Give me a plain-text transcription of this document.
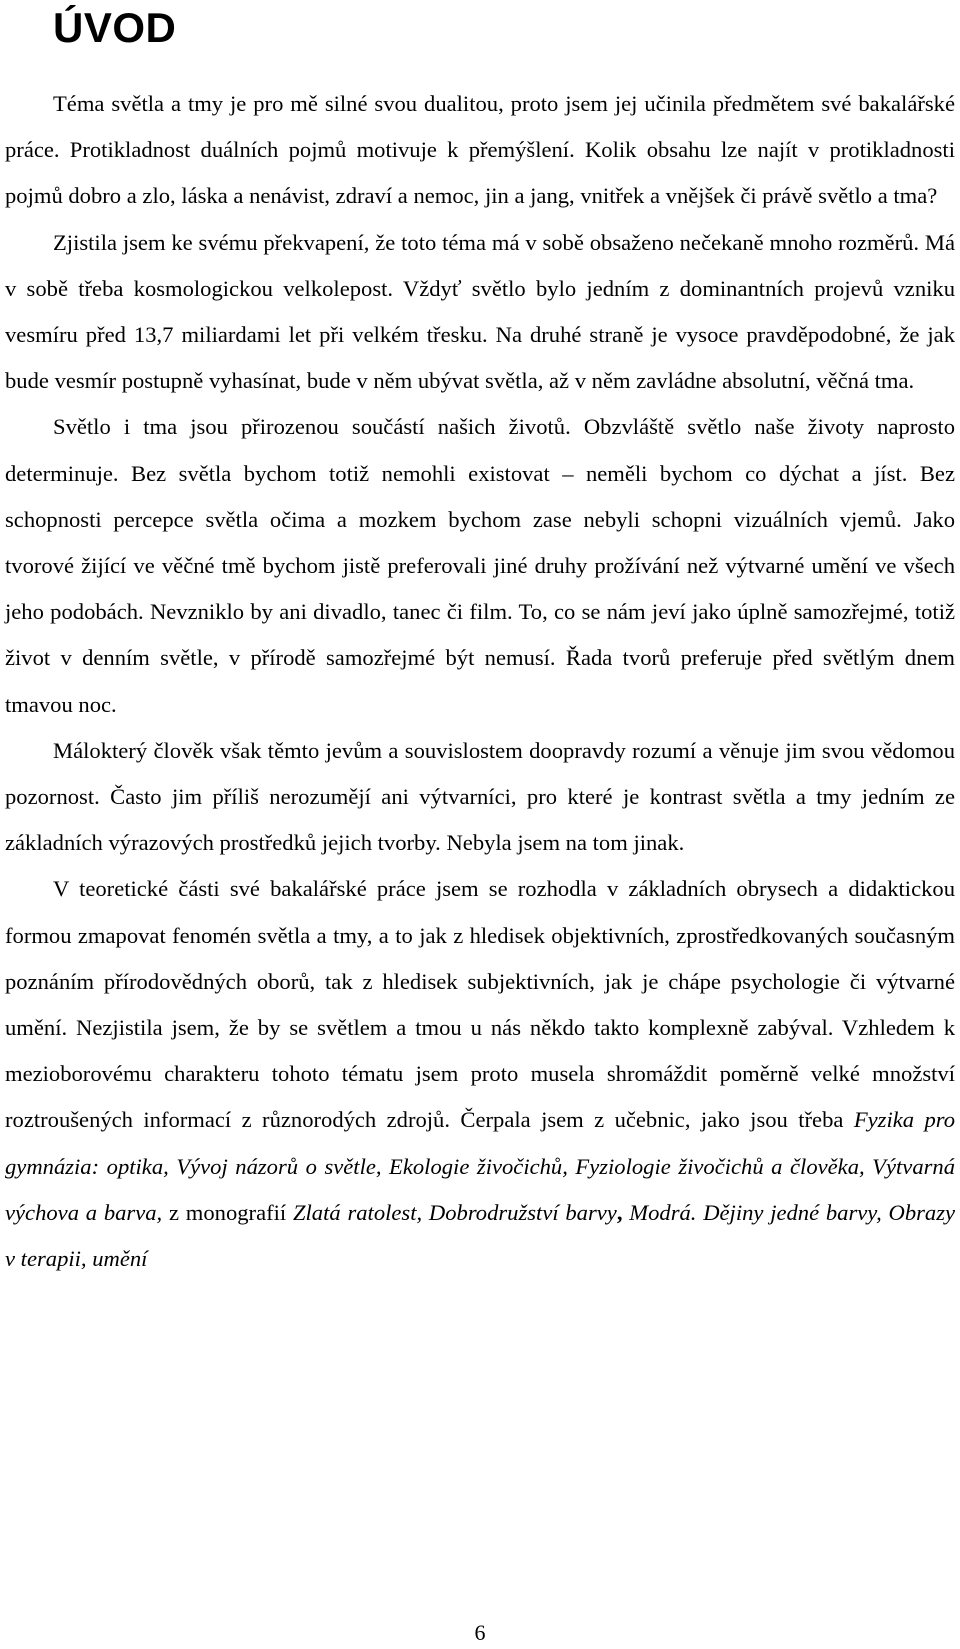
ÚVOD

Téma světla a tmy je pro mě silné svou dualitou, proto jsem jej učinila předmětem své bakalářské práce. Protikladnost duálních pojmů motivuje k přemýšlení. Kolik obsahu lze najít v protikladnosti pojmů dobro a zlo, láska a nenávist, zdraví a nemoc, jin a jang, vnitřek a vnějšek či právě světlo a tma?

Zjistila jsem ke svému překvapení, že toto téma má v sobě obsaženo nečekaně mnoho rozměrů. Má v sobě třeba kosmologickou velkolepost. Vždyť světlo bylo jedním z dominantních projevů vzniku vesmíru před 13,7 miliardami let při velkém třesku. Na druhé straně je vysoce pravděpodobné, že jak bude vesmír postupně vyhasínat, bude v něm ubývat světla, až v něm zavládne absolutní, věčná tma.

Světlo i tma jsou přirozenou součástí našich životů. Obzvláště světlo naše životy naprosto determinuje. Bez světla bychom totiž nemohli existovat – neměli bychom co dýchat a jíst. Bez schopnosti percepce světla očima a mozkem bychom zase nebyli schopni vizuálních vjemů. Jako tvorové žijící ve věčné tmě bychom jistě preferovali jiné druhy prožívání než výtvarné umění ve všech jeho podobách. Nevzniklo by ani divadlo, tanec či film. To, co se nám jeví jako úplně samozřejmé, totiž život v denním světle, v přírodě samozřejmé být nemusí. Řada tvorů preferuje před světlým dnem tmavou noc.

Málokterý člověk však těmto jevům a souvislostem doopravdy rozumí a věnuje jim svou vědomou pozornost. Často jim příliš nerozumějí ani výtvarníci, pro které je kontrast světla a tmy jedním ze základních výrazových prostředků jejich tvorby. Nebyla jsem na tom jinak.

V teoretické části své bakalářské práce jsem se rozhodla v základních obrysech a didaktickou formou zmapovat fenomén světla a tmy, a to jak z hledisek objektivních, zprostředkovaných současným poznáním přírodovědných oborů, tak z hledisek subjektivních, jak je chápe psychologie či výtvarné umění. Nezjistila jsem, že by se světlem a tmou u nás někdo takto komplexně zabýval. Vzhledem k mezioborovému charakteru tohoto tématu jsem proto musela shromáždit poměrně velké množství roztroušených informací z různorodých zdrojů. Čerpala jsem z učebnic, jako jsou třeba Fyzika pro gymnázia: optika, Vývoj názorů o světle, Ekologie živočichů, Fyziologie živočichů a člověka, Výtvarná výchova a barva, z monografií Zlatá ratolest, Dobrodružství barvy, Modrá. Dějiny jedné barvy, Obrazy v terapii, umění

6
